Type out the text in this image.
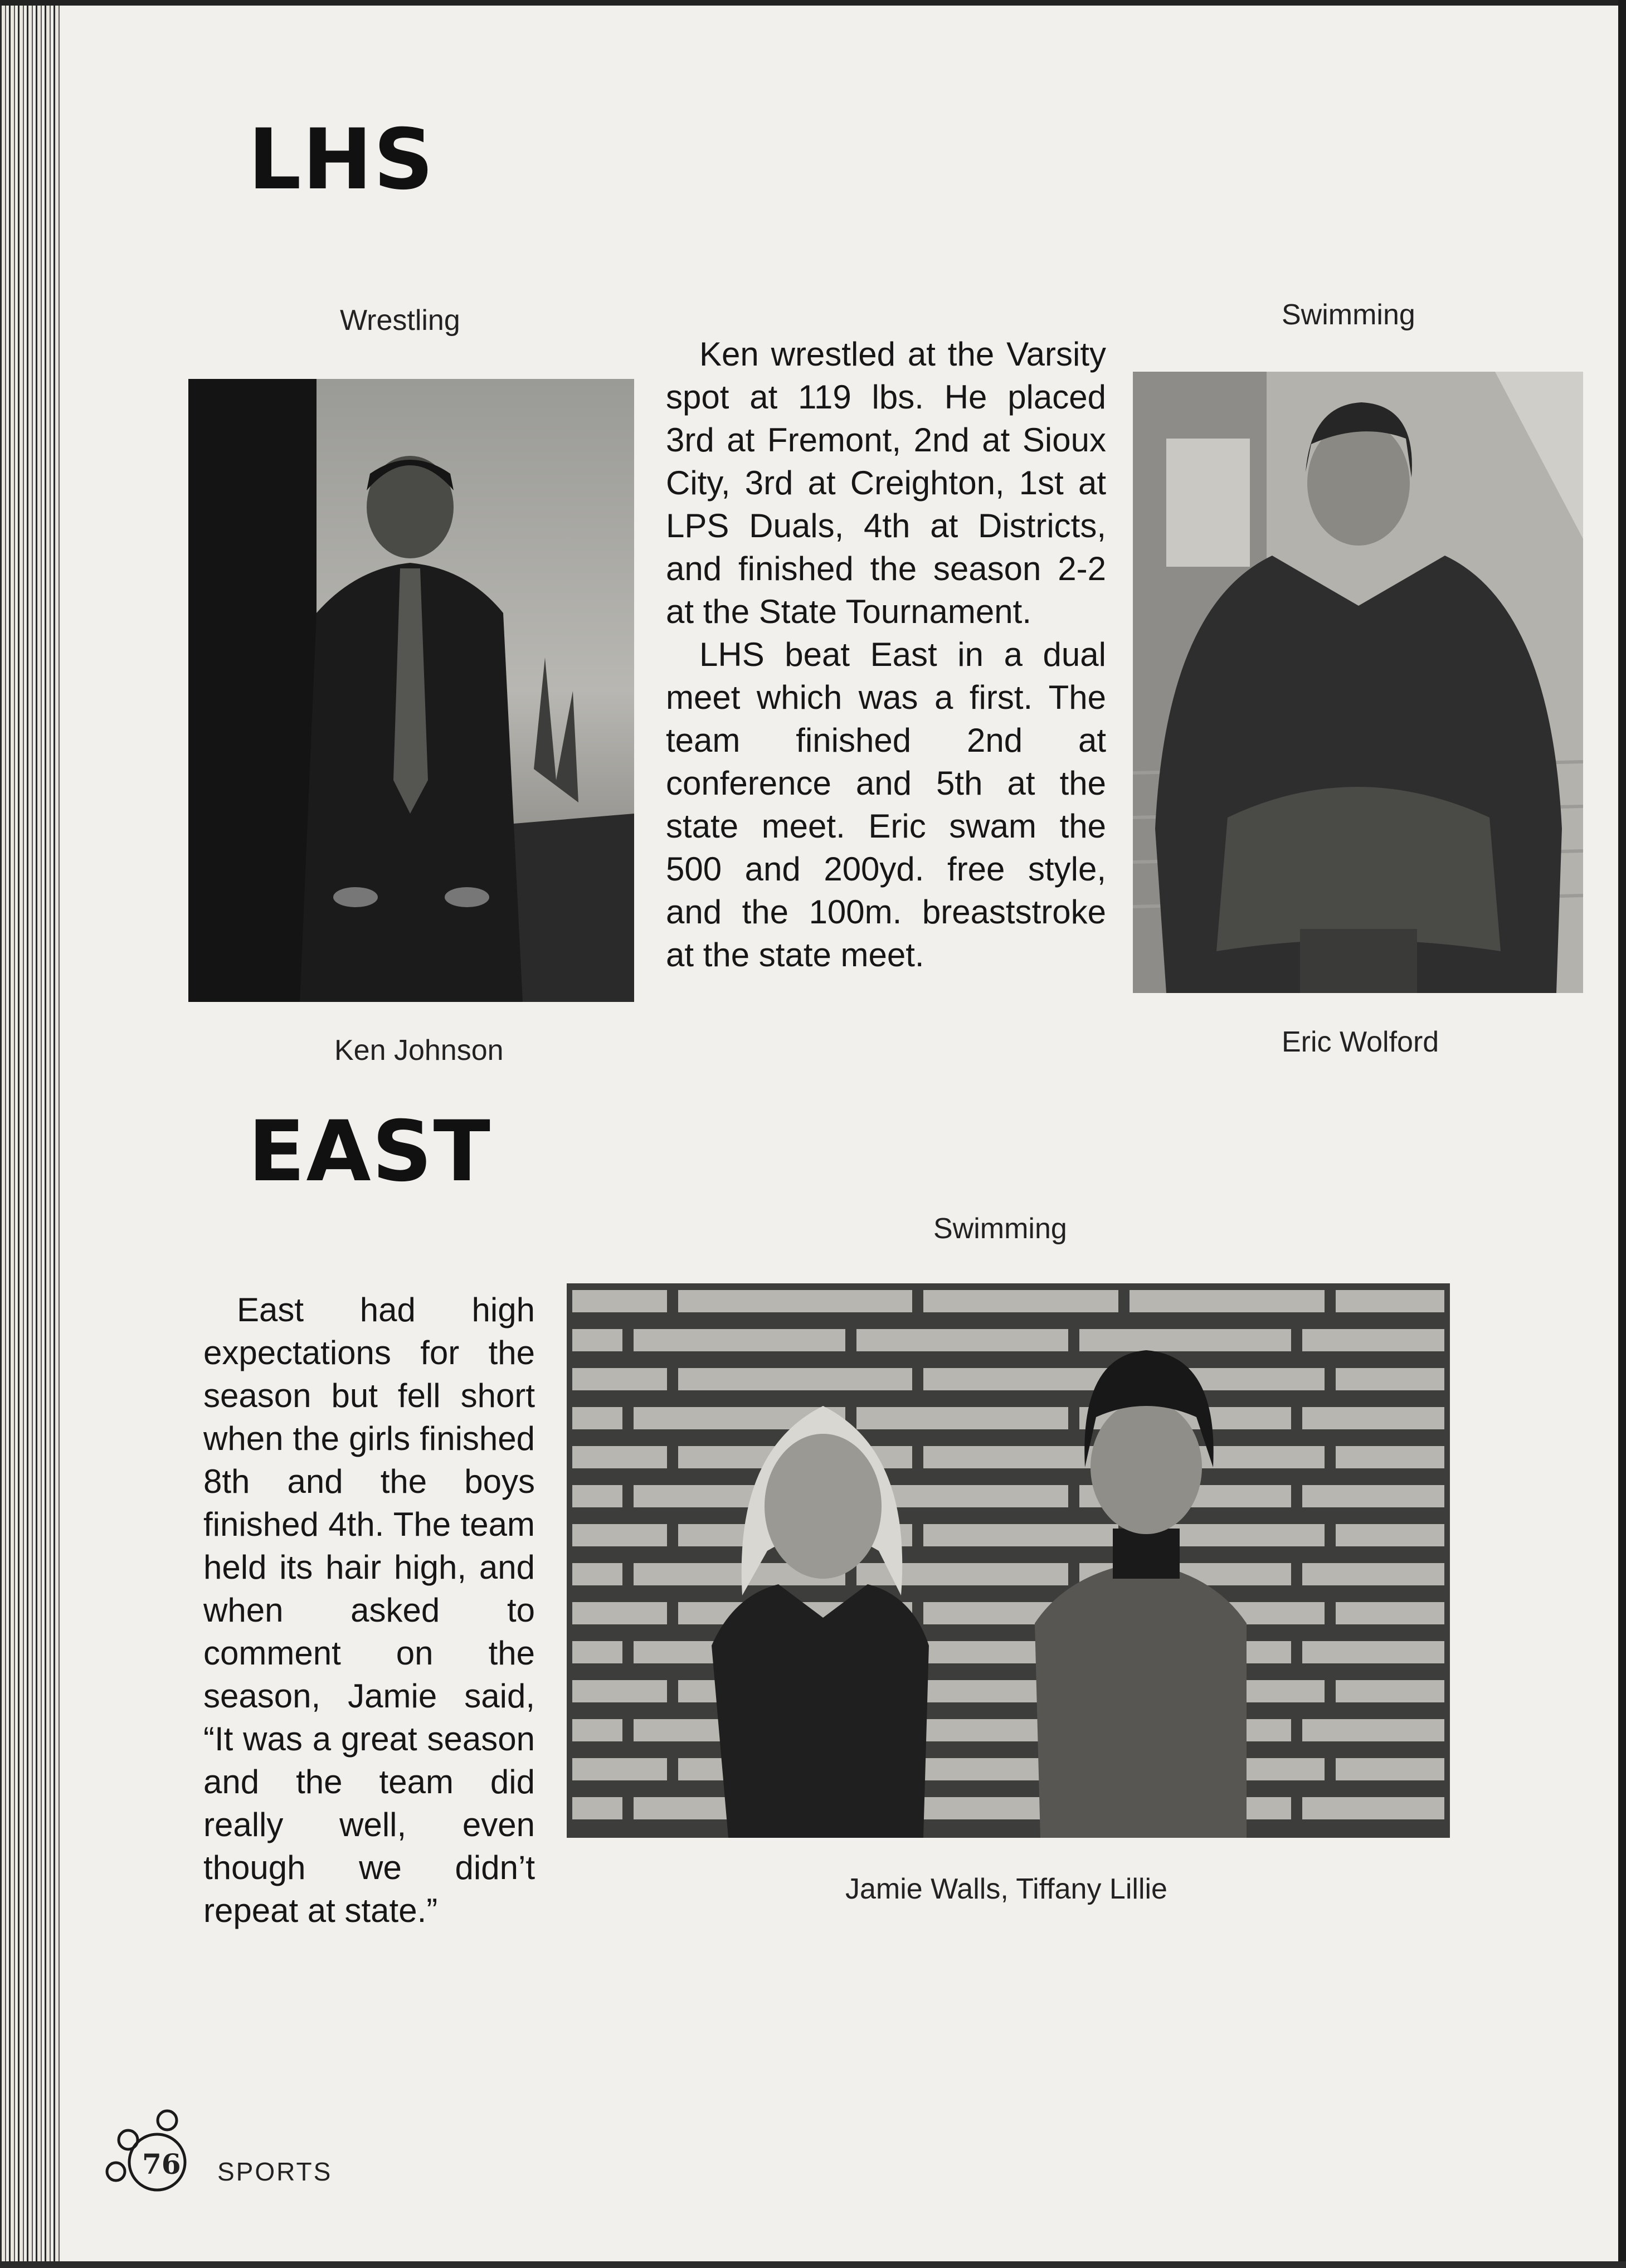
LHS
Wrestling
Ken Johnson

Ken wrestled at the Varsity spot at 119 lbs. He placed 3rd at Fremont, 2nd at Sioux City, 3rd at Creighton, 1st at LPS Duals, 4th at Districts, and finished the season 2-2 at the State Tournament.

LHS beat East in a dual meet which was a first. The team finished 2nd at conference and 5th at the state meet. Eric swam the 500 and 200yd. free style, and the 100m. breaststroke at the state meet.

Swimming
Eric Wolford
EAST
Swimming

East had high expectations for the season but fell short when the girls finished 8th and the boys finished 4th. The team held its hair high, and when asked to comment on the season, Jamie said, “It was a great season and the team did really well, even though we didn’t repeat at state.”

Jamie Walls, Tiffany Lillie
76 SPORTS
